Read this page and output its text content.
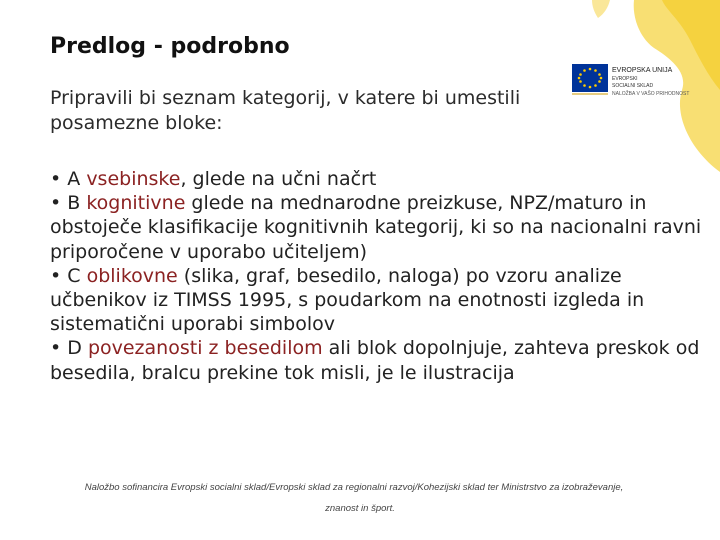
EVROPSKA UNIJA
EVROPSKI
SOCIALNI SKLAD
NALOŽBA V VAŠO PRIHODNOST
Predlog - podrobno

Pripravili bi seznam kategorij, v katere bi umestili posamezne bloke:

• A vsebinske, glede na učni načrt

• B kognitivne glede na mednarodne preizkuse, NPZ/maturo in obstoječe klasifikacije kognitivnih kategorij, ki so na nacionalni ravni priporočene v uporabo učiteljem)

• C oblikovne (slika, graf, besedilo, naloga) po vzoru analize učbenikov iz TIMSS 1995, s poudarkom na enotnosti izgleda in sistematični uporabi simbolov

• D povezanosti z besedilom ali blok dopolnjuje, zahteva preskok od besedila, bralcu prekine tok misli, je le ilustracija

Naložbo sofinancira Evropski socialni sklad/Evropski sklad za regionalni razvoj/Kohezijski sklad ter Ministrstvo za izobraževanje,
znanost in šport.
